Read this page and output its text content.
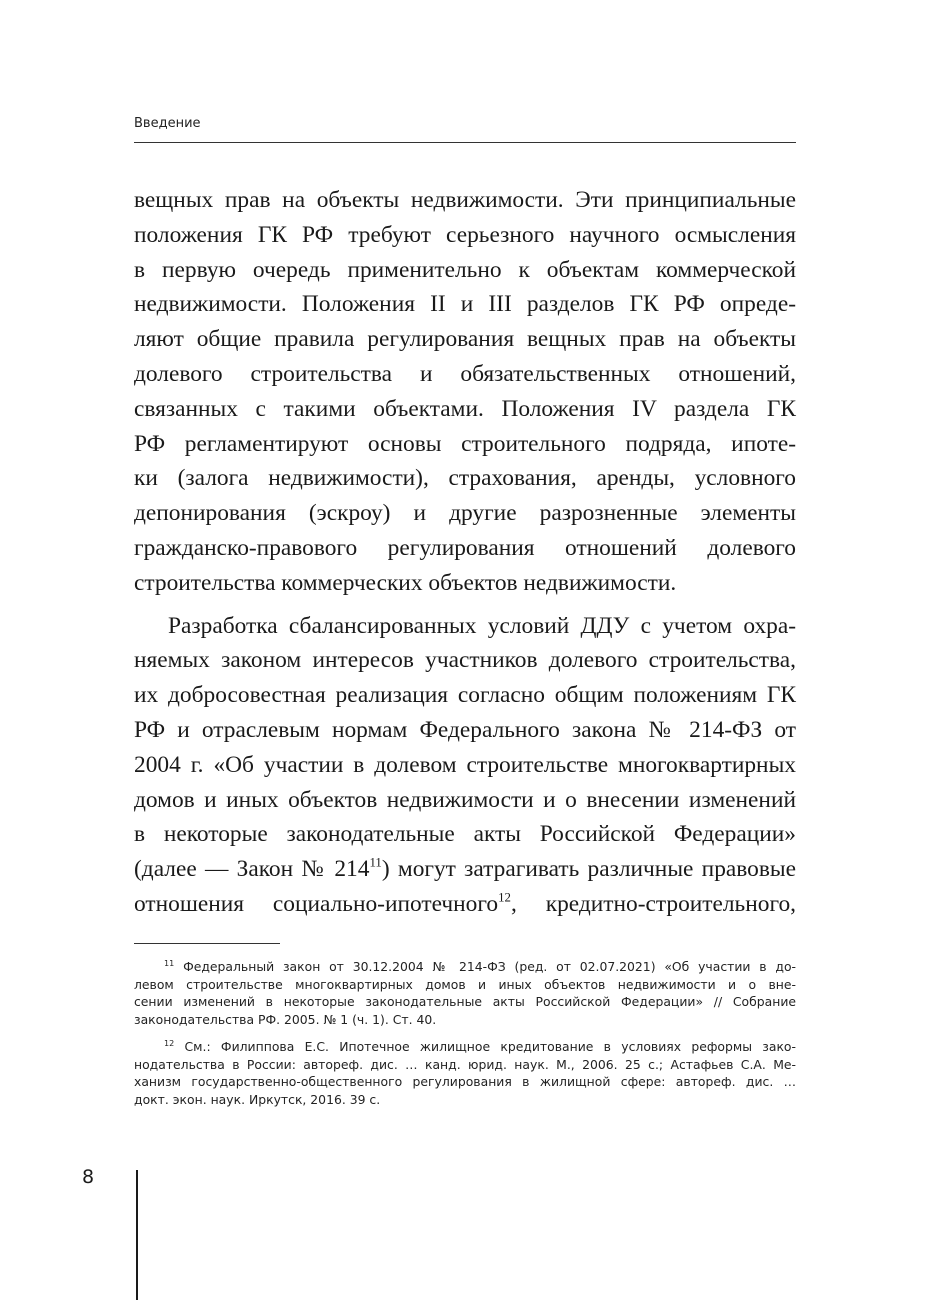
Введение
вещных прав на объекты недвижимости. Эти принципиальные
положения ГК РФ требуют серьезного научного осмысления
в первую очередь применительно к объектам коммерческой
недвижимости. Положения II и III разделов ГК РФ опреде-
ляют общие правила регулирования вещных прав на объекты
долевого строительства и обязательственных отношений,
связанных с такими объектами. Положения IV раздела ГК
РФ регламентируют основы строительного подряда, ипоте-
ки (залога недвижимости), страхования, аренды, условного
депонирования (эскроу) и другие разрозненные элементы
гражданско-правового регулирования отношений долевого
строительства коммерческих объектов недвижимости.
Разработка сбалансированных условий ДДУ с учетом охра-
няемых законом интересов участников долевого строительства,
их добросовестная реализация согласно общим положениям ГК
РФ и отраслевым нормам Федерального закона № 214-ФЗ от
2004 г. «Об участии в долевом строительстве многоквартирных
домов и иных объектов недвижимости и о внесении изменений
в некоторые законодательные акты Российской Федерации»
(далее — Закон № $214^{11}$) могут затрагивать различные правовые
отношения социально-ипотечного$^{12}$, кредитно-строительного,
$^{11}$ Федеральный закон от 30.12.2004 № 214-ФЗ (ред. от 02.07.2021) «Об участии в до-
левом строительстве многоквартирных домов и иных объектов недвижимости и о вне-
сении изменений в некоторые законодательные акты Российской Федерации» // Собрание
законодательства РФ. 2005. № 1 (ч. 1). Ст. 40.
$^{12}$ См.: Филиппова Е.С. Ипотечное жилищное кредитование в условиях реформы зако-
нодательства в России: автореф. дис. … канд. юрид. наук. М., 2006. 25 с.; Астафьев С.А. Ме-
ханизм государственно-общественного регулирования в жилищной сфере: автореф. дис. …
докт. экон. наук. Иркутск, 2016. 39 с.
8
